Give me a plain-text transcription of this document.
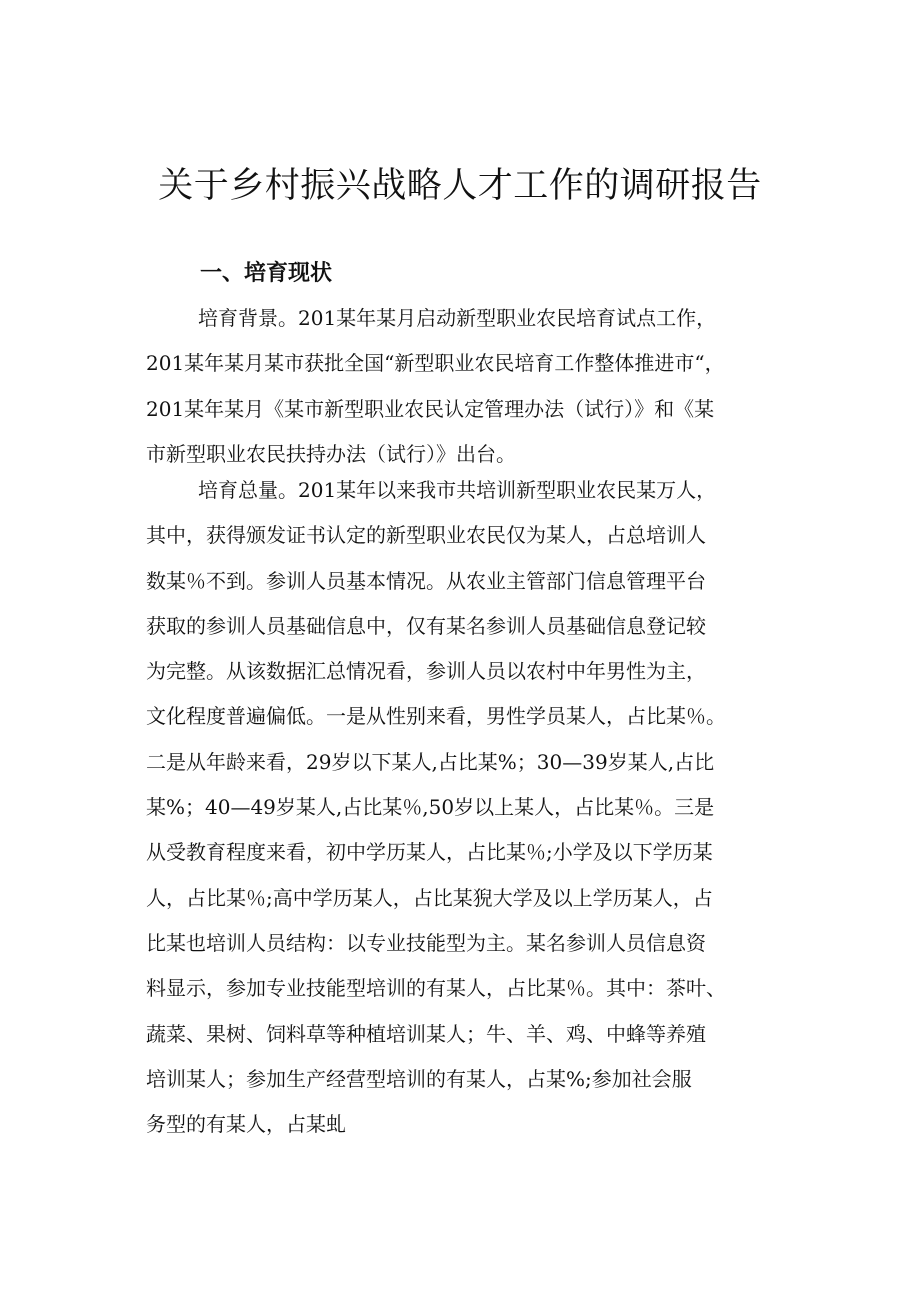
关于乡村振兴战略人才工作的调研报告
一、培育现状
培育背景。201某年某月启动新型职业农民培育试点工作，
201某年某月某市获批全国“新型职业农民培育工作整体推进市“，
201某年某月《某市新型职业农民认定管理办法（试行）》和《某
市新型职业农民扶持办法（试行）》出台。
培育总量。201某年以来我市共培训新型职业农民某万人，
其中，获得颁发证书认定的新型职业农民仅为某人，占总培训人
数某％不到。参训人员基本情况。从农业主管部门信息管理平台
获取的参训人员基础信息中，仅有某名参训人员基础信息登记较
为完整。从该数据汇总情况看，参训人员以农村中年男性为主，
文化程度普遍偏低。一是从性别来看，男性学员某人，占比某％。
二是从年龄来看，29岁以下某人,占比某%；30—39岁某人,占比
某%；40—49岁某人,占比某％,50岁以上某人，占比某％。三是
从受教育程度来看，初中学历某人，占比某％;小学及以下学历某
人，占比某％;高中学历某人，占比某猊大学及以上学历某人，占
比某也培训人员结构：以专业技能型为主。某名参训人员信息资
料显示，参加专业技能型培训的有某人，占比某％。其中：茶叶、
蔬菜、果树、饲料草等种植培训某人；牛、羊、鸡、中蜂等养殖
培训某人；参加生产经营型培训的有某人，占某%;参加社会服
务型的有某人，占某虬
